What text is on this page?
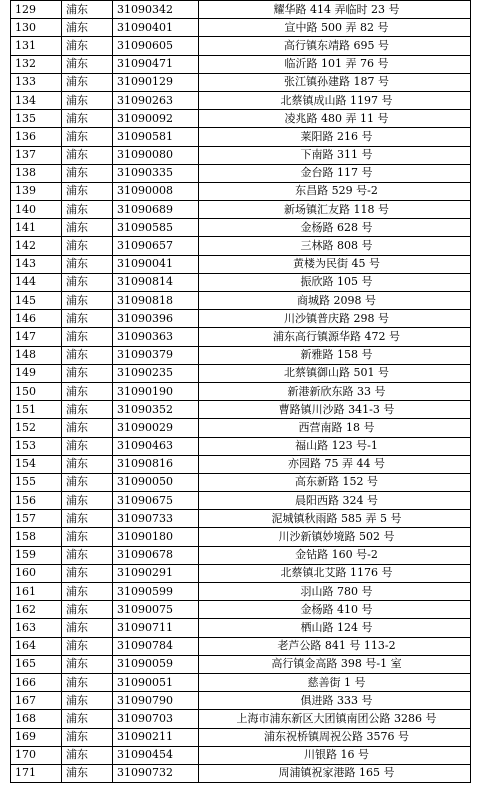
129	浦东	31090342	耀华路 414 弄临时 23 号
130	浦东	31090401	宣中路 500 弄 82 号
131	浦东	31090605	高行镇东靖路 695 号
132	浦东	31090471	临沂路 101 弄 76 号
133	浦东	31090129	张江镇孙建路 187 号
134	浦东	31090263	北蔡镇成山路 1197 号
135	浦东	31090092	凌兆路 480 弄 11 号
136	浦东	31090581	莱阳路 216 号
137	浦东	31090080	下南路 311 号
138	浦东	31090335	金台路 117 号
139	浦东	31090008	东昌路 529 号-2
140	浦东	31090689	新场镇汇友路 118 号
141	浦东	31090585	金杨路 628 号
142	浦东	31090657	三林路 808 号
143	浦东	31090041	黄楼为民街 45 号
144	浦东	31090814	振欣路 105 号
145	浦东	31090818	商城路 2098 号
146	浦东	31090396	川沙镇普庆路 298 号
147	浦东	31090363	浦东高行镇源华路 472 号
148	浦东	31090379	新雅路 158 号
149	浦东	31090235	北蔡镇御山路 501 号
150	浦东	31090190	新港新欣东路 33 号
151	浦东	31090352	曹路镇川沙路 341-3 号
152	浦东	31090029	西营南路 18 号
153	浦东	31090463	福山路 123 号-1
154	浦东	31090816	亦园路 75 弄 44 号
155	浦东	31090050	高东新路 152 号
156	浦东	31090675	晨阳西路 324 号
157	浦东	31090733	泥城镇秋雨路 585 弄 5 号
158	浦东	31090180	川沙新镇妙境路 502 号
159	浦东	31090678	金钻路 160 号-2
160	浦东	31090291	北蔡镇北艾路 1176 号
161	浦东	31090599	羽山路 780 号
162	浦东	31090075	金杨路 410 号
163	浦东	31090711	栖山路 124 号
164	浦东	31090784	老芦公路 841 号 113-2
165	浦东	31090059	高行镇金高路 398 号-1 室
166	浦东	31090051	慈善街 1 号
167	浦东	31090790	俱进路 333 号
168	浦东	31090703	上海市浦东新区大团镇南团公路 3286 号
169	浦东	31090211	浦东祝桥镇周祝公路 3576 号
170	浦东	31090454	川银路 16 号
171	浦东	31090732	周浦镇祝家港路 165 号
